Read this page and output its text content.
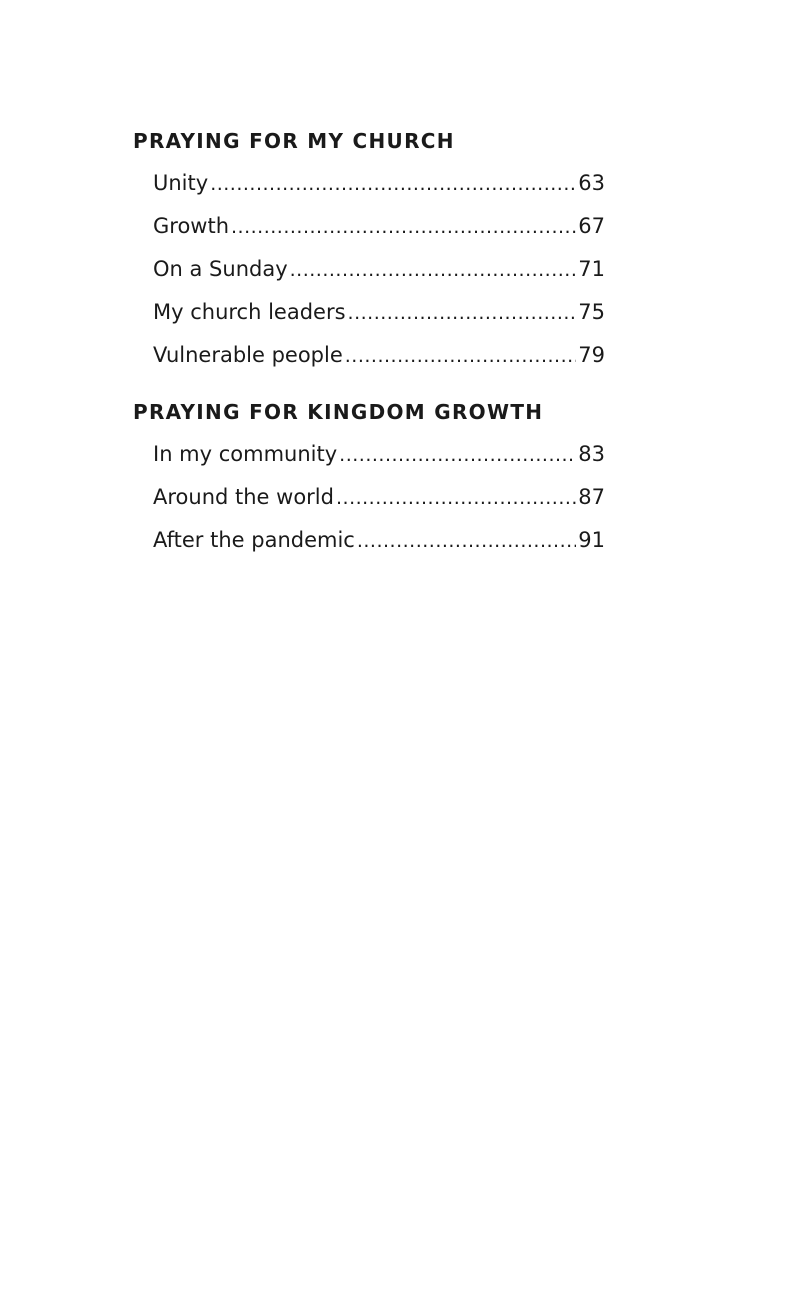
PRAYING FOR MY CHURCH
Unity .....	63
Growth .....	67
On a Sunday .....	71
My church leaders .....	75
Vulnerable people .....	79
PRAYING FOR KINGDOM GROWTH
In my community .....	83
Around the world .....	87
After the pandemic .....	91
